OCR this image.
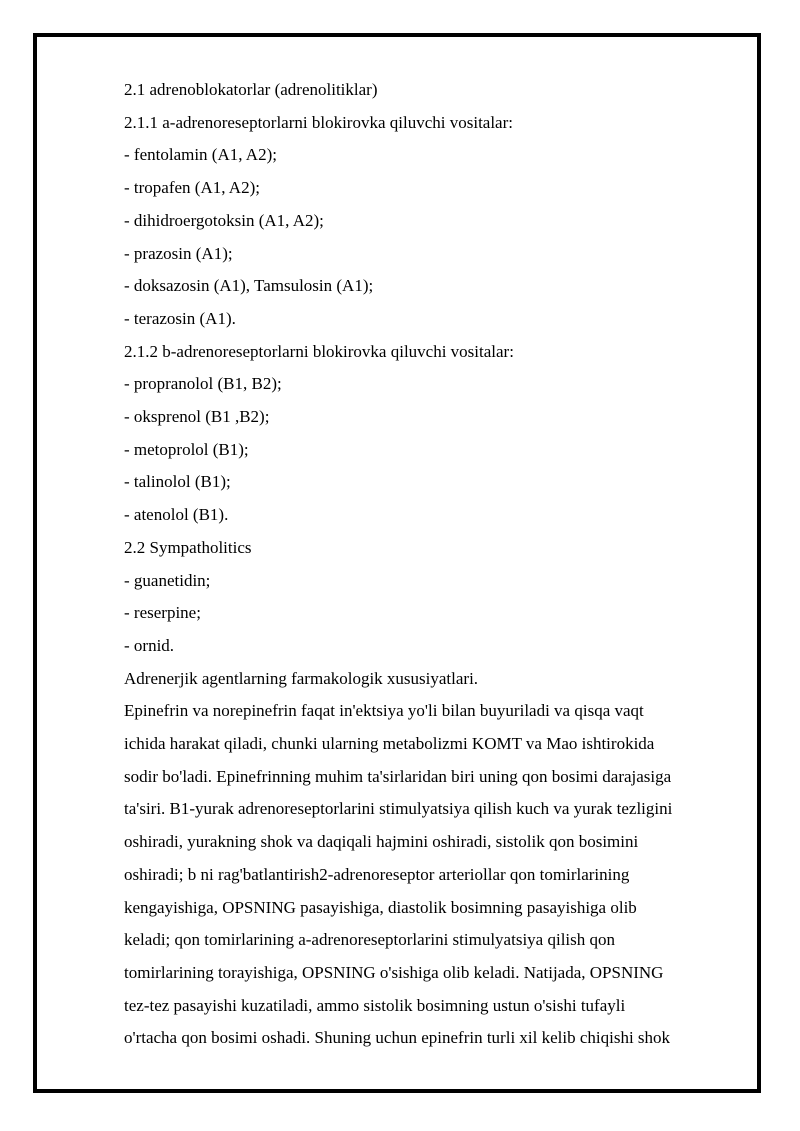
2.1 adrenoblokatorlar (adrenolitiklar)

2.1.1 a-adrenoreseptorlarni blokirovka qiluvchi vositalar:

- fentolamin (A1, A2);

- tropafen (A1, A2);

- dihidroergotoksin (A1, A2);

- prazosin (A1);

- doksazosin (A1), Tamsulosin (A1);

- terazosin (A1).

2.1.2 b-adrenoreseptorlarni blokirovka qiluvchi vositalar:

- propranolol (B1, B2);

- oksprenol (B1 ,B2);

- metoprolol (B1);

- talinolol (B1);

- atenolol (B1).

2.2 Sympatholitics

- guanetidin;

- reserpine;

- ornid.

Adrenerjik agentlarning farmakologik xususiyatlari.

Epinefrin va norepinefrin faqat in'ektsiya yo'li bilan buyuriladi va qisqa vaqt

ichida harakat qiladi, chunki ularning metabolizmi KOMT va Mao ishtirokida

sodir bo'ladi. Epinefrinning muhim ta'sirlaridan biri uning qon bosimi darajasiga

ta'siri. B1-yurak adrenoreseptorlarini stimulyatsiya qilish kuch va yurak tezligini

oshiradi, yurakning shok va daqiqali hajmini oshiradi, sistolik qon bosimini

oshiradi; b ni rag'batlantirish2-adrenoreseptor arteriollar qon tomirlarining

kengayishiga, OPSNING pasayishiga, diastolik bosimning pasayishiga olib

keladi; qon tomirlarining a-adrenoreseptorlarini stimulyatsiya qilish qon

tomirlarining torayishiga, OPSNING o'sishiga olib keladi. Natijada, OPSNING

tez-tez pasayishi kuzatiladi, ammo sistolik bosimning ustun o'sishi tufayli

o'rtacha qon bosimi oshadi. Shuning uchun epinefrin turli xil kelib chiqishi shok
